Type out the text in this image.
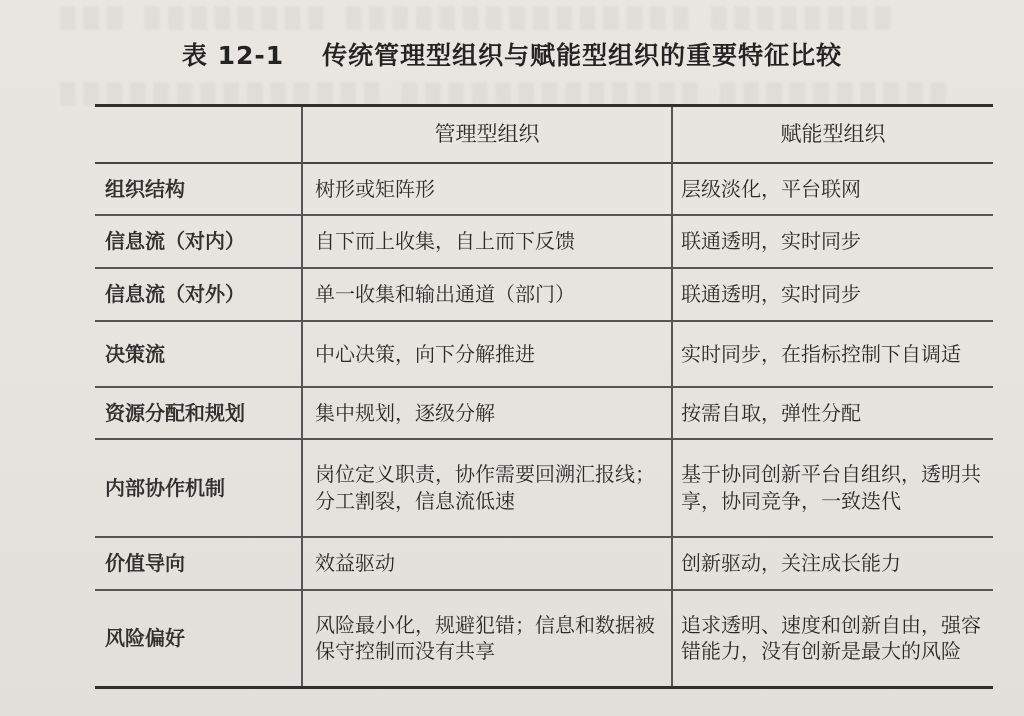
▒▒▒ ▒▒▒▒▒▒▒▒ ▒▒▒▒▒▒▒▒▒▒▒▒▒▒▒ ▒▒▒▒▒▒▒▒
▒▒▒▒▒▒▒▒▒▒▒▒▒▒ ▒▒▒▒▒▒▒▒▒▒▒▒▒ ▒▒▒▒▒▒▒▒▒▒
表 12-1 传统管理型组织与赋能型组织的重要特征比较
	管理型组织	赋能型组织
组织结构	树形或矩阵形	层级淡化，平台联网
信息流（对内）	自下而上收集，自上而下反馈	联通透明，实时同步
信息流（对外）	单一收集和输出通道（部门）	联通透明，实时同步
决策流	中心决策，向下分解推进	实时同步，在指标控制下自调适
资源分配和规划	集中规划，逐级分解	按需自取，弹性分配
内部协作机制	岗位定义职责，协作需要回溯汇报线；分工割裂，信息流低速	基于协同创新平台自组织，透明共享，协同竞争，一致迭代
价值导向	效益驱动	创新驱动，关注成长能力
风险偏好	风险最小化，规避犯错；信息和数据被保守控制而没有共享	追求透明、速度和创新自由，强容错能力，没有创新是最大的风险
